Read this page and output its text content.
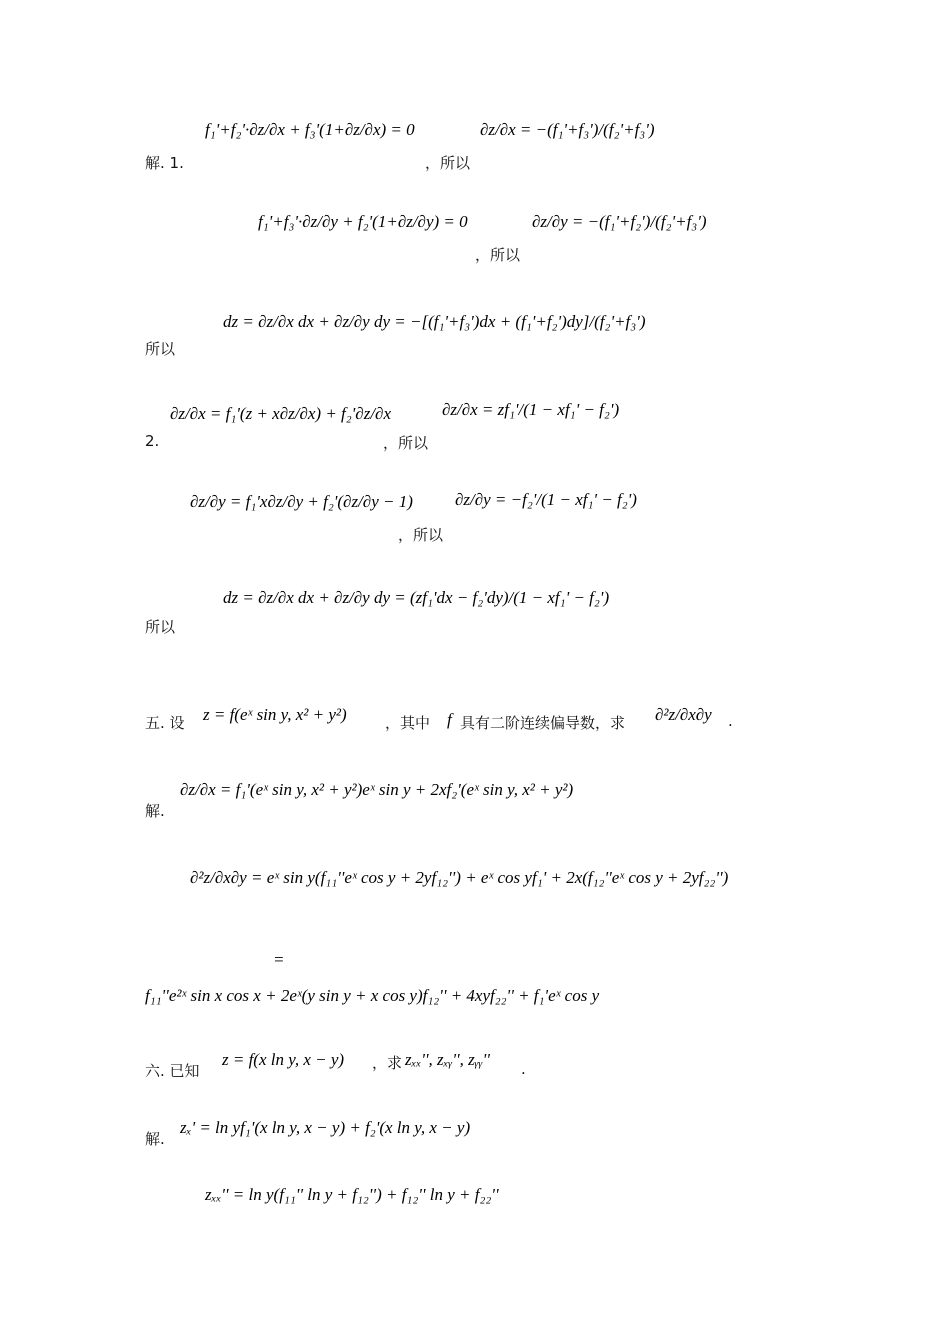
解. 1.
f₁'+f₂'·∂z/∂x + f₃'(1+∂z/∂x) = 0
，所以
∂z/∂x = −(f₁'+f₃')/(f₂'+f₃')
f₁'+f₃'·∂z/∂y + f₂'(1+∂z/∂y) = 0
，所以
∂z/∂y = −(f₁'+f₂')/(f₂'+f₃')
所以
dz = ∂z/∂x dx + ∂z/∂y dy = −[(f₁'+f₃')dx + (f₁'+f₂')dy]/(f₂'+f₃')
2.
∂z/∂x = f₁'(z + x∂z/∂x) + f₂'∂z/∂x
，所以
∂z/∂x = zf₁'/(1 − xf₁' − f₂')
∂z/∂y = f₁'x∂z/∂y + f₂'(∂z/∂y − 1)
，所以
∂z/∂y = −f₂'/(1 − xf₁' − f₂')
所以
dz = ∂z/∂x dx + ∂z/∂y dy = (zf₁'dx − f₂'dy)/(1 − xf₁' − f₂')
五. 设 z = f(eˣ sin y, x² + y²)	，其中 f 具有二阶连续偏导数，求 ∂²z/∂x∂y .
解.
∂z/∂x = f₁'(eˣ sin y, x² + y²)eˣ sin y + 2xf₂'(eˣ sin y, x² + y²)
∂²z/∂x∂y = eˣ sin y(f₁₁''eˣ cos y + 2yf₁₂'') + eˣ cos yf₁' + 2x(f₁₂''eˣ cos y + 2yf₂₂'')
=
f₁₁''e²ˣ sin x cos x + 2eˣ(y sin y + x cos y)f₁₂'' + 4xyf₂₂'' + f₁'eˣ cos y
六. 已知
z = f(x ln y, x − y) ，求 zₓₓ'', zₓᵧ'', zᵧᵧ'' .
解.
zₓ' = ln yf₁'(x ln y, x − y) + f₂'(x ln y, x − y)
zₓₓ'' = ln y(f₁₁'' ln y + f₁₂'') + f₁₂'' ln y + f₂₂''
